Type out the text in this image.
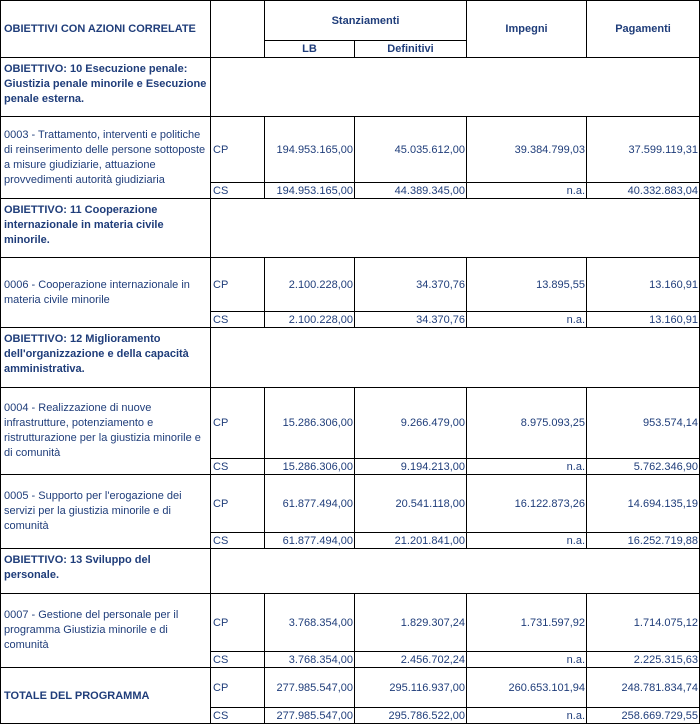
OBIETTIVI CON AZIONI CORRELATE		Stanziamenti		Impegni	Pagamenti
		LB	Definitivi		
OBIETTIVO: 10 Esecuzione penale: Giustizia penale minorile e Esecuzione penale esterna.					
0003 - Trattamento, interventi e politiche di reinserimento delle persone sottoposte a misure giudiziarie, attuazione provvedimenti autorità giudiziaria	CP	194.953.165,00	45.035.612,00	39.384.799,03	37.599.119,31
	CS	194.953.165,00	44.389.345,00	n.a.	40.332.883,04
OBIETTIVO: 11 Cooperazione internazionale in materia civile minorile.					
0006 - Cooperazione internazionale in materia civile minorile	CP	2.100.228,00	34.370,76	13.895,55	13.160,91
	CS	2.100.228,00	34.370,76	n.a.	13.160,91
OBIETTIVO: 12 Miglioramento dell'organizzazione e della capacità amministrativa.					
0004 - Realizzazione di nuove infrastrutture, potenziamento e ristrutturazione per la giustizia minorile e di comunità	CP	15.286.306,00	9.266.479,00	8.975.093,25	953.574,14
	CS	15.286.306,00	9.194.213,00	n.a.	5.762.346,90
0005 - Supporto per l'erogazione dei servizi per la giustizia minorile e di comunità	CP	61.877.494,00	20.541.118,00	16.122.873,26	14.694.135,19
	CS	61.877.494,00	21.201.841,00	n.a.	16.252.719,88
OBIETTIVO: 13 Sviluppo del personale.					
0007 - Gestione del personale per il programma Giustizia minorile e di comunità	CP	3.768.354,00	1.829.307,24	1.731.597,92	1.714.075,12
	CS	3.768.354,00	2.456.702,24	n.a.	2.225.315,63
TOTALE DEL PROGRAMMA	CP	277.985.547,00	295.116.937,00	260.653.101,94	248.781.834,74
	CS	277.985.547,00	295.786.522,00	n.a.	258.669.729,55
